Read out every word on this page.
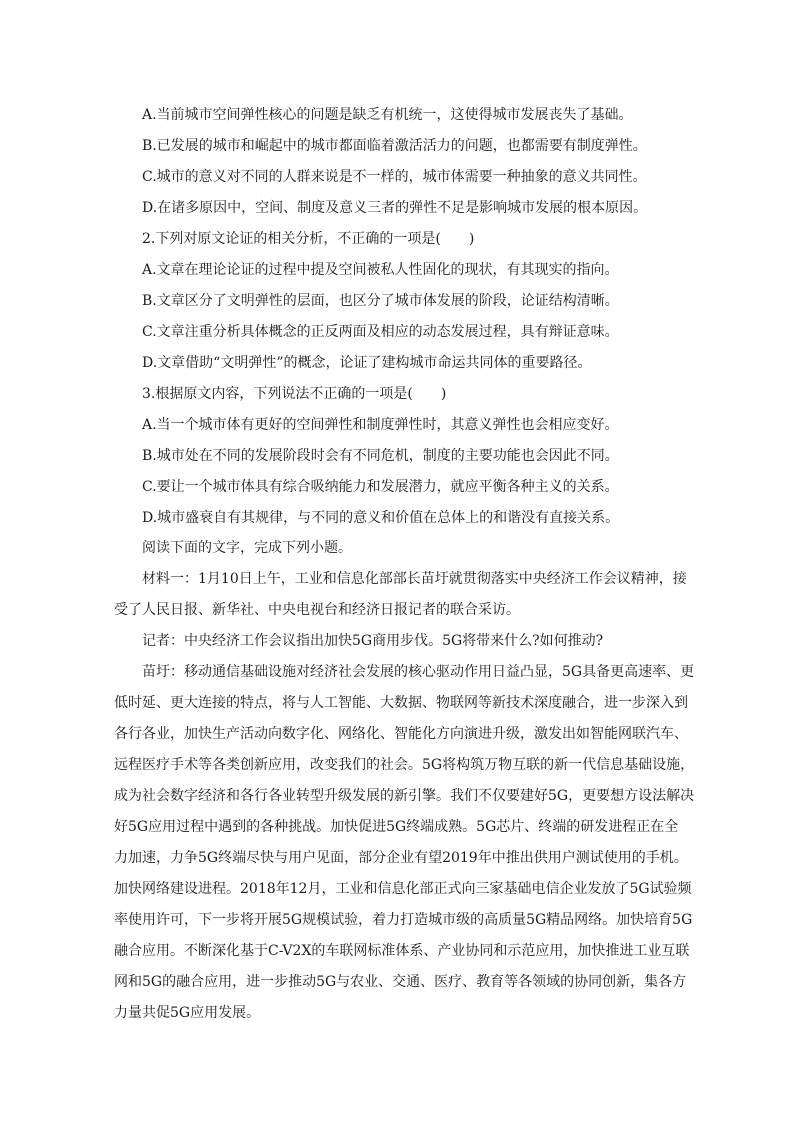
A.当前城市空间弹性核心的问题是缺乏有机统一，这使得城市发展丧失了基础。
B.已发展的城市和崛起中的城市都面临着激活活力的问题，也都需要有制度弹性。
C.城市的意义对不同的人群来说是不一样的，城市体需要一种抽象的意义共同性。
D.在诸多原因中，空间、制度及意义三者的弹性不足是影响城市发展的根本原因。
2.下列对原文论证的相关分析，不正确的一项是(　　)
A.文章在理论论证的过程中提及空间被私人性固化的现状，有其现实的指向。
B.文章区分了文明弹性的层面，也区分了城市体发展的阶段，论证结构清晰。
C.文章注重分析具体概念的正反两面及相应的动态发展过程，具有辩证意味。
D.文章借助“文明弹性”的概念，论证了建构城市命运共同体的重要路径。
3.根据原文内容，下列说法不正确的一项是(　　)
A.当一个城市体有更好的空间弹性和制度弹性时，其意义弹性也会相应变好。
B.城市处在不同的发展阶段时会有不同危机，制度的主要功能也会因此不同。
C.要让一个城市体具有综合吸纳能力和发展潜力，就应平衡各种主义的关系。
D.城市盛衰自有其规律，与不同的意义和价值在总体上的和谐没有直接关系。
阅读下面的文字，完成下列小题。
材料一：1月10日上午，工业和信息化部部长苗圩就贯彻落实中央经济工作会议精神，接
受了人民日报、新华社、中央电视台和经济日报记者的联合采访。
记者：中央经济工作会议指出加快5G商用步伐。5G将带来什么?如何推动?
苗圩：移动通信基础设施对经济社会发展的核心驱动作用日益凸显，5G具备更高速率、更
低时延、更大连接的特点，将与人工智能、大数据、物联网等新技术深度融合，进一步深入到
各行各业，加快生产活动向数字化、网络化、智能化方向演进升级，激发出如智能网联汽车、
远程医疗手术等各类创新应用，改变我们的社会。5G将构筑万物互联的新一代信息基础设施，
成为社会数字经济和各行各业转型升级发展的新引擎。我们不仅要建好5G，更要想方设法解决
好5G应用过程中遇到的各种挑战。加快促进5G终端成熟。5G芯片、终端的研发进程正在全
力加速，力争5G终端尽快与用户见面，部分企业有望2019年中推出供用户测试使用的手机。
加快网络建设进程。2018年12月，工业和信息化部正式向三家基础电信企业发放了5G试验频
率使用许可，下一步将开展5G规模试验，着力打造城市级的高质量5G精品网络。加快培育5G
融合应用。不断深化基于C-V2X的车联网标准体系、产业协同和示范应用，加快推进工业互联
网和5G的融合应用，进一步推动5G与农业、交通、医疗、教育等各领域的协同创新，集各方
力量共促5G应用发展。
